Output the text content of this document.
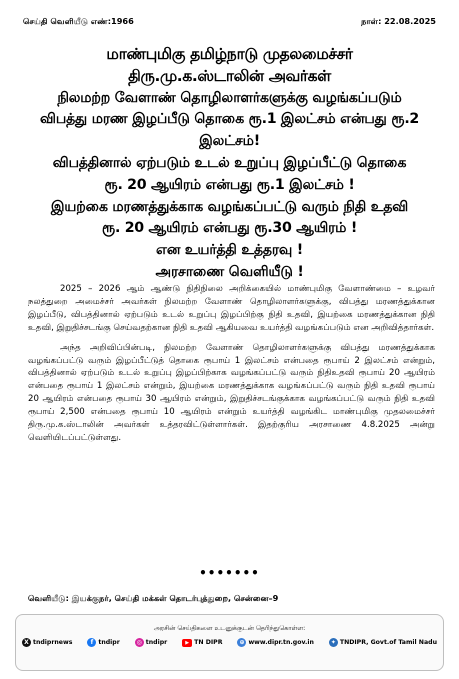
செய்தி வெளியீடு எண்:1966	நாள்: 22.08.2025
மாண்புமிகு தமிழ்நாடு முதலமைச்சர்
திரு.மு.க.ஸ்டாலின் அவர்கள்
நிலமற்ற வேளாண் தொழிலாளர்களுக்கு வழங்கப்படும்
விபத்து மரண இழப்பீடு தொகை ரூ.1 இலட்சம் என்பது ரூ.2
இலட்சம்!
விபத்தினால் ஏற்படும் உடல் உறுப்பு இழப்பீட்டு தொகை
ரூ. 20 ஆயிரம் என்பது ரூ.1 இலட்சம் !
இயற்கை மரணத்துக்காக வழங்கப்பட்டு வரும் நிதி உதவி
ரூ. 20 ஆயிரம் என்பது ரூ.30 ஆயிரம் !
என உயர்த்தி உத்தரவு !
அரசாணை வெளியீடு !

2025 – 2026 ஆம் ஆண்டு நிதிநிலை அறிக்கையில் மாண்புமிகு வேளாண்மை – உழவர் நலத்துறை அமைச்சர் அவர்கள் நிலமற்ற வேளாண் தொழிலாளர்களுக்கு, விபத்து மரணத்துக்கான இழப்பீடு, விபத்தினால் ஏற்படும் உடல் உறுப்பு இழப்பிற்கு நிதி உதவி, இயற்கை மரணத்துக்கான நிதி உதவி, இறுதிச்சடங்கு செய்வதற்கான நிதி உதவி ஆகியவை உயர்த்தி வழங்கப்படும் என அறிவித்தார்கள்.

அந்த அறிவிப்பின்படி, நிலமற்ற வேளாண் தொழிலாளர்களுக்கு விபத்து மரணத்துக்காக வழங்கப்பட்டு வரும் இழப்பீட்டுத் தொகை ரூபாய் 1 இலட்சம் என்பதை ரூபாய் 2 இலட்சம் என்றும், விபத்தினால் ஏற்படும் உடல் உறுப்பு இழப்பிற்காக வழங்கப்பட்டு வரும் நிதிஉதவி ரூபாய் 20 ஆயிரம் என்பதை ரூபாய் 1 இலட்சம் என்றும், இயற்கை மரணத்துக்காக வழங்கப்பட்டு வரும் நிதி உதவி ரூபாய் 20 ஆயிரம் என்பதை ரூபாய் 30 ஆயிரம் என்றும், இறுதிச்சடங்குக்காக வழங்கப்பட்டு வரும் நிதி உதவி ரூபாய் 2,500 என்பதை ரூபாய் 10 ஆயிரம் என்றும் உயர்த்தி வழங்கிட மாண்புமிகு முதலமைச்சர் திரு.மு.க.ஸ்டாலின் அவர்கள் உத்தரவிட்டுள்ளார்கள். இதற்குரிய அரசாணை 4.8.2025 அன்று வெளியிடப்பட்டுள்ளது.

•••••••
வெளியீடு: இயக்குநர், செய்தி மக்கள் தொடர்புத்துறை, சென்னை–9
அரசின் செய்திகளை உடனுக்குடன் தெரிந்துகொள்ள:
X tndiprnews	f tndipr	◎ tndipr	▶ TN DIPR	⊕ www.dipr.tn.gov.in	✦ TNDIPR, Govt.of Tamil Nadu
